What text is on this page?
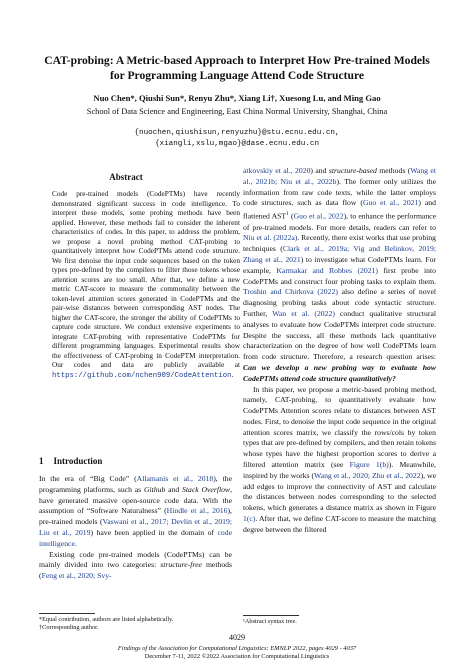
CAT-probing: A Metric-based Approach to Interpret How Pre-trained Models for Programming Language Attend Code Structure
Nuo Chen*, Qiushi Sun*, Renyu Zhu*, Xiang Li†, Xuesong Lu, and Ming Gao
School of Data Science and Engineering, East China Normal University, Shanghai, China
{nuochen,qiushisun,renyuzhu}@stu.ecnu.edu.cn,
{xiangli,xslu,mgao}@dase.ecnu.edu.cn
Abstract
Code pre-trained models (CodePTMs) have recently demonstrated significant success in code intelligence. To interpret these models, some probing methods have been applied. However, these methods fail to consider the inherent characteristics of codes. In this paper, to address the problem, we propose a novel probing method CAT-probing to quantitatively interpret how CodePTMs attend code structure. We first denoise the input code sequences based on the token types pre-defined by the compilers to filter those tokens whose attention scores are too small. After that, we define a new metric CAT-score to measure the commonality between the token-level attention scores generated in CodePTMs and the pair-wise distances between corresponding AST nodes. The higher the CAT-score, the stronger the ability of CodePTMs to capture code structure. We conduct extensive experiments to integrate CAT-probing with representative CodePTMs for different programming languages. Experimental results show the effectiveness of CAT-probing in CodePTM interpretation. Our codes and data are publicly available at https://github.com/nchen909/CodeAttention.
1 Introduction

In the era of “Big Code” (Allamanis et al., 2018), the programming platforms, such as Github and Stack Overflow, have generated massive open-source code data. With the assumption of “Software Naturalness” (Hindle et al., 2016), pre-trained models (Vaswani et al., 2017; Devlin et al., 2019; Liu et al., 2019) have been applied in the domain of code intelligence.

Existing code pre-trained models (CodePTMs) can be mainly divided into two categories: structure-free methods (Feng et al., 2020; Svy-

atkovskiy et al., 2020) and structure-based methods (Wang et al., 2021b; Niu et al., 2022b). The former only utilizes the information from raw code texts, while the latter employs code structures, such as data flow (Guo et al., 2021) and flattened AST$^1$ (Guo et al., 2022), to enhance the performance of pre-trained models. For more details, readers can refer to Niu et al. (2022a). Recently, there exist works that use probing techniques (Clark et al., 2019a; Vig and Belinkov, 2019; Zhang et al., 2021) to investigate what CodePTMs learn. For example, Karmakar and Robbes (2021) first probe into CodePTMs and construct four probing tasks to explain them. Troshin and Chirkova (2022) also define a series of novel diagnosing probing tasks about code syntactic structure. Further, Wan et al. (2022) conduct qualitative structural analyses to evaluate how CodePTMs interpret code structure. Despite the success, all these methods lack quantitative characterization on the degree of how well CodePTMs learn from code structure. Therefore, a research question arises: Can we develop a new probing way to evaluate how CodePTMs attend code structure quantitatively?

In this paper, we propose a metric-based probing method, namely, CAT-probing, to quantitatively evaluate how CodePTMs Attention scores relate to distances between AST nodes. First, to denoise the input code sequence in the original attention scores matrix, we classify the rows/cols by token types that are pre-defined by compilers, and then retain tokens whose types have the highest proportion scores to derive a filtered attention matrix (see Figure 1(b)). Meanwhile, inspired by the works (Wang et al., 2020; Zhu et al., 2022), we add edges to improve the connectivity of AST and calculate the distances between nodes corresponding to the selected tokens, which generates a distance matrix as shown in Figure 1(c). After that, we define CAT-score to measure the matching degree between the filtered

*Equal contribution, authors are listed alphabetically.
†Corresponding author.
¹Abstract syntax tree.
4029
Findings of the Association for Computational Linguistics: EMNLP 2022, pages 4029 - 4037
December 7-11, 2022 ©2022 Association for Computational Linguistics
